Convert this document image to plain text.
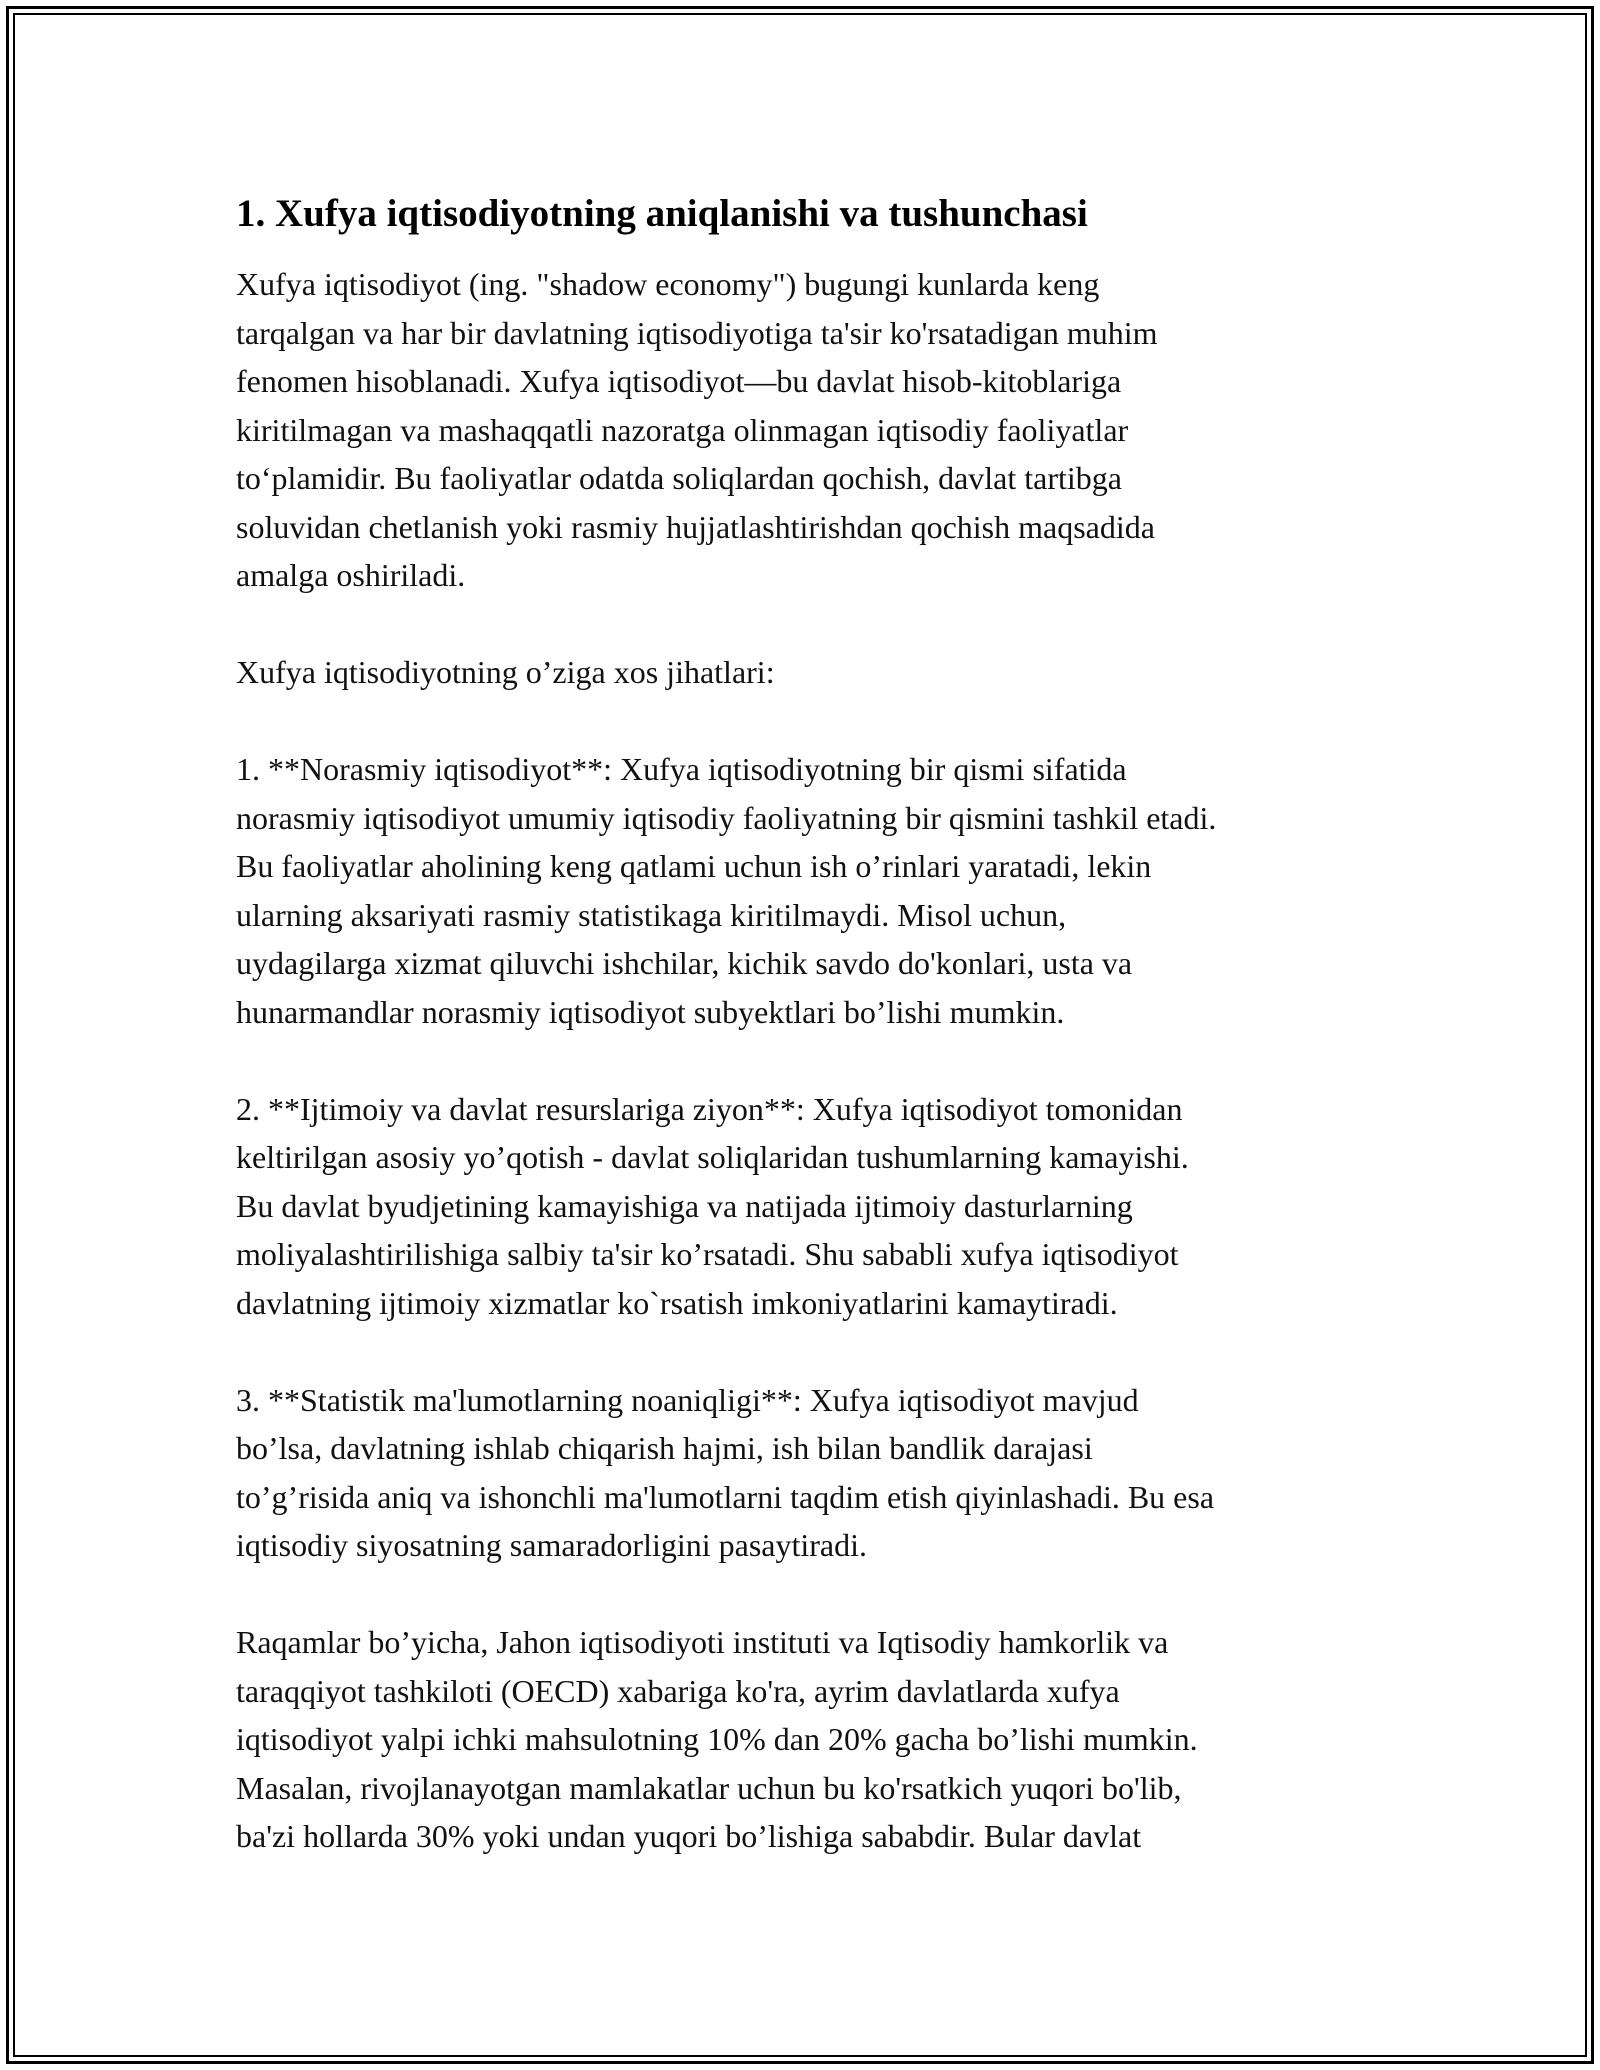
1. Xufya iqtisodiyotning aniqlanishi va tushunchasi

Xufya iqtisodiyot (ing. "shadow economy") bugungi kunlarda keng
tarqalgan va har bir davlatning iqtisodiyotiga ta'sir ko'rsatadigan muhim
fenomen hisoblanadi. Xufya iqtisodiyot—bu davlat hisob-kitoblariga
kiritilmagan va mashaqqatli nazoratga olinmagan iqtisodiy faoliyatlar
to‘plamidir. Bu faoliyatlar odatda soliqlardan qochish, davlat tartibga
soluvidan chetlanish yoki rasmiy hujjatlashtirishdan qochish maqsadida
amalga oshiriladi.

Xufya iqtisodiyotning o’ziga xos jihatlari:

1. **Norasmiy iqtisodiyot**: Xufya iqtisodiyotning bir qismi sifatida
norasmiy iqtisodiyot umumiy iqtisodiy faoliyatning bir qismini tashkil etadi.
Bu faoliyatlar aholining keng qatlami uchun ish o’rinlari yaratadi, lekin
ularning aksariyati rasmiy statistikaga kiritilmaydi. Misol uchun,
uydagilarga xizmat qiluvchi ishchilar, kichik savdo do'konlari, usta va
hunarmandlar norasmiy iqtisodiyot subyektlari bo’lishi mumkin.

2. **Ijtimoiy va davlat resurslariga ziyon**: Xufya iqtisodiyot tomonidan
keltirilgan asosiy yo’qotish - davlat soliqlaridan tushumlarning kamayishi.
Bu davlat byudjetining kamayishiga va natijada ijtimoiy dasturlarning
moliyalashtirilishiga salbiy ta'sir ko’rsatadi. Shu sababli xufya iqtisodiyot
davlatning ijtimoiy xizmatlar ko`rsatish imkoniyatlarini kamaytiradi.

3. **Statistik ma'lumotlarning noaniqligi**: Xufya iqtisodiyot mavjud
bo’lsa, davlatning ishlab chiqarish hajmi, ish bilan bandlik darajasi
to’g’risida aniq va ishonchli ma'lumotlarni taqdim etish qiyinlashadi. Bu esa
iqtisodiy siyosatning samaradorligini pasaytiradi.

Raqamlar bo’yicha, Jahon iqtisodiyoti instituti va Iqtisodiy hamkorlik va
taraqqiyot tashkiloti (OECD) xabariga ko'ra, ayrim davlatlarda xufya
iqtisodiyot yalpi ichki mahsulotning 10% dan 20% gacha bo’lishi mumkin.
Masalan, rivojlanayotgan mamlakatlar uchun bu ko'rsatkich yuqori bo'lib,
ba'zi hollarda 30% yoki undan yuqori bo’lishiga sababdir. Bular davlat
